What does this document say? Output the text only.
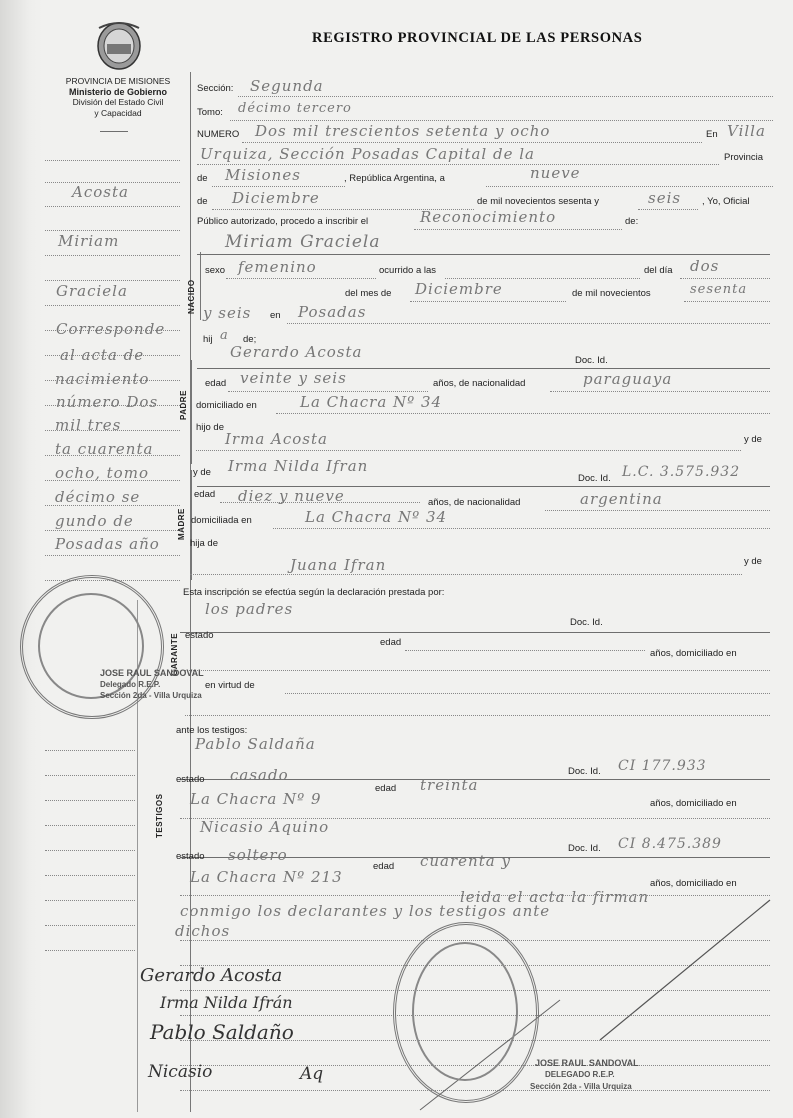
PROVINCIA DE MISIONES
Ministerio de Gobierno
División del Estado Civil
y Capacidad
REGISTRO PROVINCIAL DE LAS PERSONAS
Acosta
Miriam
Graciela
Corresponde
al acta de
nacimiento
número Dos
mil tres
ta cuarenta
ocho, tomo
décimo se
gundo de
Posadas año
Sección: Segunda
Tomo: décimo tercero
NUMERO Dos mil trescientos setenta y ocho	En Villa
Urquiza, Sección Posadas Capital de la	Provincia
de Misiones	, República Argentina, a	nueve
de Diciembre	de mil novecientos sesenta y	seis , Yo, Oficial
Público autorizado, procedo a inscribir el	Reconocimiento	de:
Miriam Graciela
NACIDO
sexo femenino	ocurrido a las	del día dos
del mes de Diciembre	de mil novecientos	sesenta
y seis en Posadas
hij a de;
Gerardo Acosta	Doc. Id.
PADRE
edad veinte y seis	años, de nacionalidad	paraguaya
domiciliado en	La Chacra Nº 34
hijo de
Irma Acosta	y de
y de Irma Nilda Ifran
Doc. Id. L.C. 3.575.932
MADRE
edad diez y nueve	años, de nacionalidad	argentina
domiciliada en	La Chacra Nº 34
hija de
Juana Ifran	y de
Esta inscripción se efectúa según la declaración prestada por:
los padres
Doc. Id.
GARANTE estado
edad
años, domiciliado en
en virtud de
ante los testigos:
Pablo Saldaña
Doc. Id. CI 177.933
TESTIGOS
estado casado
edad treinta
años, domiciliado en
La Chacra Nº 9
Nicasio Aquino
Doc. Id. CI 8.475.389
estado soltero
edad cuarenta y
años, domiciliado en
La Chacra Nº 213
leida el acta la firman
conmigo los declarantes y los testigos ante
dichos
JOSE RAUL SANDOVAL
Delegado R.E.P.
Sección 2da - Villa Urquiza
JOSE RAUL SANDOVAL
DELEGADO R.E.P.
Sección 2da - Villa Urquiza
Gerardo Acosta
Irma Nilda Ifrán
Pablo Saldaño
Nicasio	Aq
